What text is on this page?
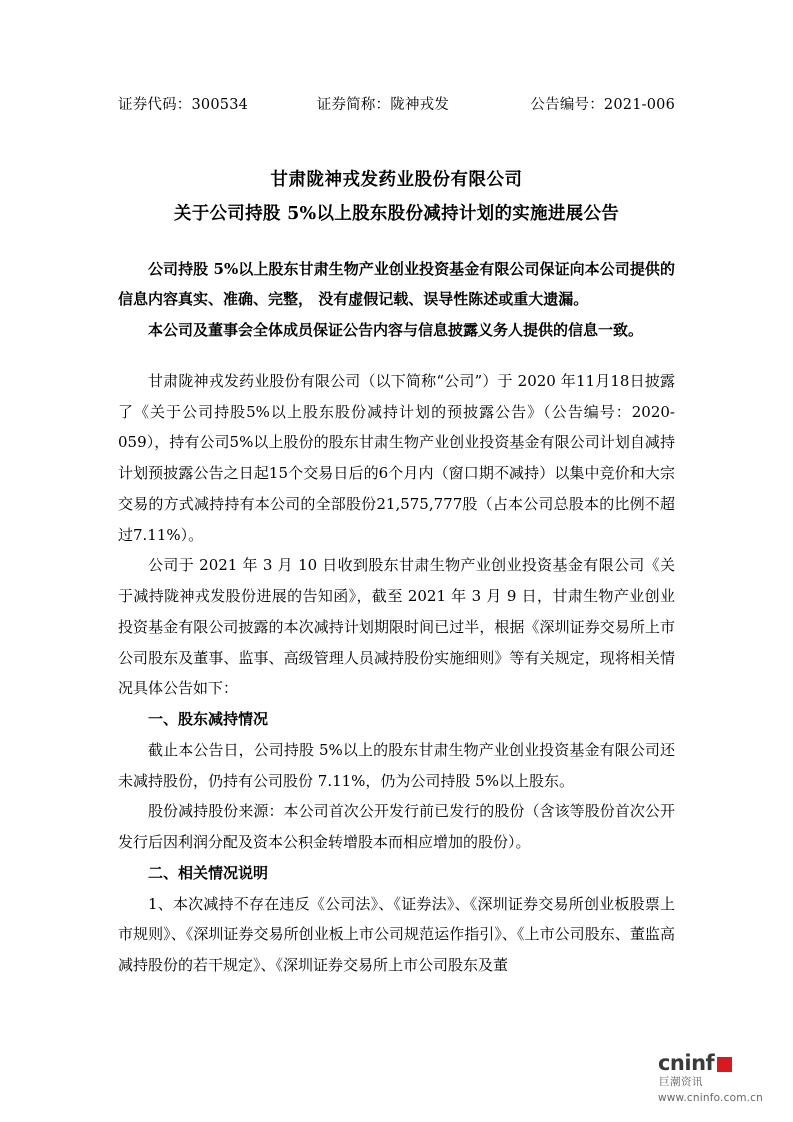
证券代码：300534	证券简称：陇神戎发	公告编号：2021-006
甘肃陇神戎发药业股份有限公司
关于公司持股 5%以上股东股份减持计划的实施进展公告
公司持股 5%以上股东甘肃生物产业创业投资基金有限公司保证向本公司提供的信息内容真实、准确、完整， 没有虚假记载、误导性陈述或重大遗漏。
本公司及董事会全体成员保证公告内容与信息披露义务人提供的信息一致。
甘肃陇神戎发药业股份有限公司（以下简称“公司”）于 2020 年11月18日披露了《关于公司持股5%以上股东股份减持计划的预披露公告》（公告编号：2020-059），持有公司5%以上股份的股东甘肃生物产业创业投资基金有限公司计划自减持计划预披露公告之日起15个交易日后的6个月内（窗口期不减持）以集中竞价和大宗交易的方式减持持有本公司的全部股份21,575,777股（占本公司总股本的比例不超过7.11%）。
公司于 2021 年 3 月 10 日收到股东甘肃生物产业创业投资基金有限公司《关于减持陇神戎发股份进展的告知函》，截至 2021 年 3 月 9 日，甘肃生物产业创业投资基金有限公司披露的本次减持计划期限时间已过半，根据《深圳证券交易所上市公司股东及董事、监事、高级管理人员减持股份实施细则》等有关规定，现将相关情况具体公告如下：
一、股东减持情况
截止本公告日，公司持股 5%以上的股东甘肃生物产业创业投资基金有限公司还未减持股份，仍持有公司股份 7.11%，仍为公司持股 5%以上股东。
股份减持股份来源：本公司首次公开发行前已发行的股份（含该等股份首次公开发行后因利润分配及资本公积金转增股本而相应增加的股份）。
二、相关情况说明
1、本次减持不存在违反《公司法》、《证券法》、《深圳证券交易所创业板股票上市规则》、《深圳证券交易所创业板上市公司规范运作指引》、《上市公司股东、董监高减持股份的若干规定》、《深圳证券交易所上市公司股东及董
cninf
巨潮资讯
www.cninfo.com.cn
